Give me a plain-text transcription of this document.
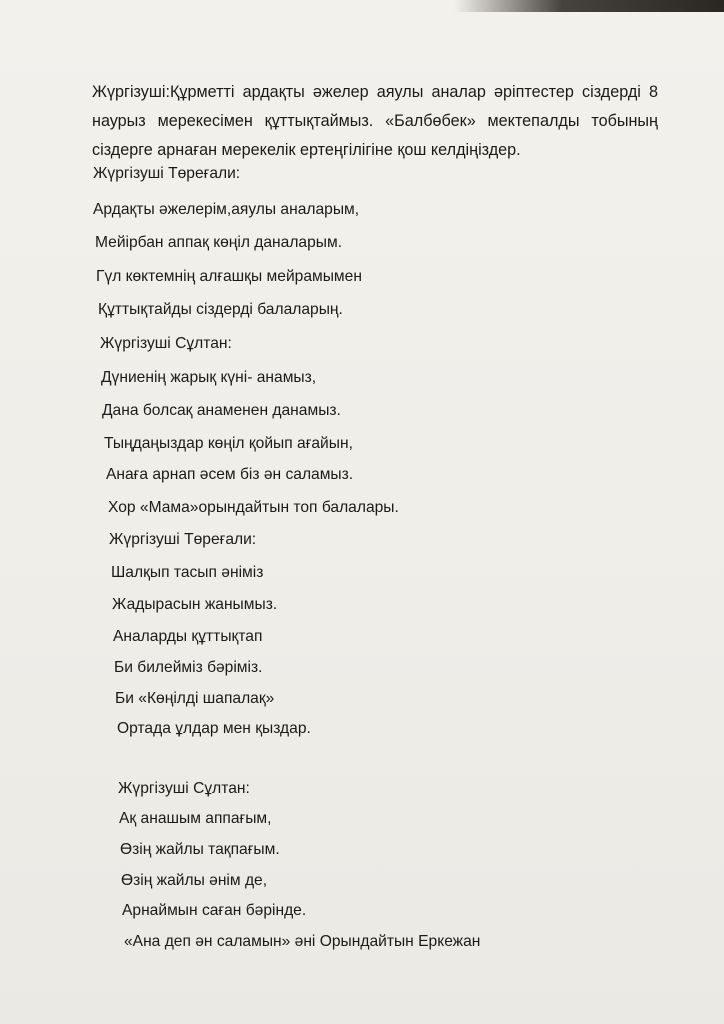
Жүргізуші:Құрметті ардақты әжелер аяулы аналар әріптестер сіздерді 8 наурыз мерекесімен құттықтаймыз. «Балбөбек» мектепалды тобының сіздерге арнаған мерекелік ертеңгілігіне қош келдіңіздер.
Жүргізуші Төреғали:
Ардақты әжелерім,аяулы аналарым,
Мейірбан аппақ көңіл даналарым.
Гүл көктемнің алғашқы мейрамымен
Құттықтайды сіздерді балаларың.
Жүргізуші Сұлтан:
Дүниенің жарық күні- анамыз,
Дана болсақ анаменен данамыз.
Тыңдаңыздар көңіл қойып ағайын,
Анаға арнап әсем біз ән саламыз.
Хор «Мама»орындайтын топ балалары.
Жүргізуші Төреғали:
Шалқып тасып әніміз
Жадырасын жанымыз.
Аналарды құттықтап
Би билейміз бәріміз.
Би «Көңілді шапалақ»
Ортада ұлдар мен қыздар.
Жүргізуші Сұлтан:
Ақ анашым аппағым,
Өзің жайлы тақпағым.
Өзің жайлы әнім де,
Арнаймын саған бәрінде.
«Ана деп ән саламын» әні Орындайтын Еркежан
